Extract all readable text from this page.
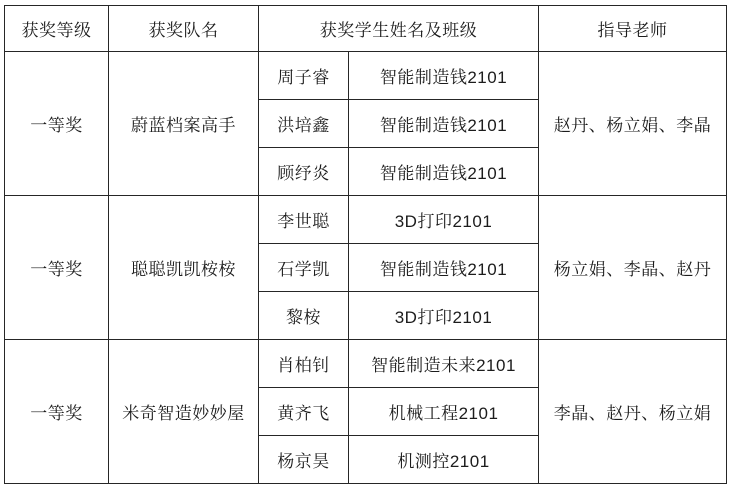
获奖等级	获奖队名	获奖学生姓名及班级		指导老师
一等奖	蔚蓝档案高手	周子睿	智能制造钱2101	赵丹、杨立娟、李晶
		洪培鑫	智能制造钱2101	
		顾纾炎	智能制造钱2101	
一等奖	聪聪凯凯桉桉	李世聪	3D打印2101	杨立娟、李晶、赵丹
		石学凯	智能制造钱2101	
		黎桉	3D打印2101	
一等奖	米奇智造妙妙屋	肖柏钊	智能制造未来2101	李晶、赵丹、杨立娟
		黄齐飞	机械工程2101	
		杨京昊	机测控2101	
